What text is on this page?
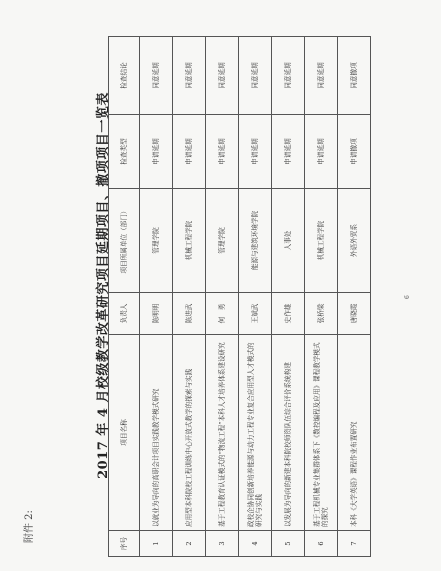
附件 2:
2017 年 4 月校级教学改革研究项目延期项目、撤项项目一览表
序号	项目名称	负责人	项目所属单位（部门）	检查类型	检查结论
1	以就业为导向的高职会计项目实践教学模式研究	陈明明	管理学院	申请延期	同意延期
2	应用型本科院校工程训练中心开放式教学的探索与实践	陈进武	机械工程学院	申请延期	同意延期
3	基于工程教育认证模式的“物流工程”本科人才培养体系建设研究	何　勇	管理学院	申请延期	同意延期
4	政校企协同创新培养能源与动力工程专业复合应用型人才模式的研究与实践	王斌武	能源与建筑环境学院	申请延期	同意延期
5	以发展为导向的新建本科院校师资队伍综合评价系统构建	史作雄	人事处	申请延期	同意延期
6	基于工程机械专业集群体系下《数控编程及应用》课程教学模式的探究	张桥梁	机械工程学院	申请延期	同意延期
7	本科《大学英语》课程作业布置研究	唐晓霞	外语外贸系	申请撤项	同意撤项
6
